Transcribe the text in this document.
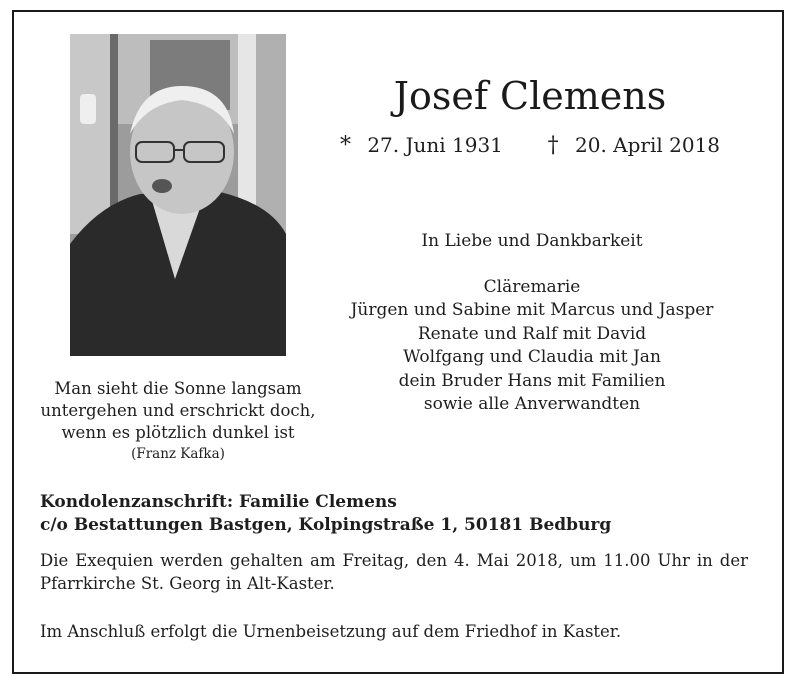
Josef Clemens
* 27. Juni 1931 † 20. April 2018
In Liebe und Dankbarkeit
Cläremarie
Jürgen und Sabine mit Marcus und Jasper
Renate und Ralf mit David
Wolfgang und Claudia mit Jan
dein Bruder Hans mit Familien
sowie alle Anverwandten
Man sieht die Sonne langsam
untergehen und erschrickt doch,
wenn es plötzlich dunkel ist
(Franz Kafka)
Kondolenzanschrift: Familie Clemens
c/o Bestattungen Bastgen, Kolpingstraße 1, 50181 Bedburg
Die Exequien werden gehalten am Freitag, den 4. Mai 2018, um 11.00 Uhr in der Pfarrkirche St. Georg in Alt-Kaster.
Im Anschluß erfolgt die Urnenbeisetzung auf dem Friedhof in Kaster.
